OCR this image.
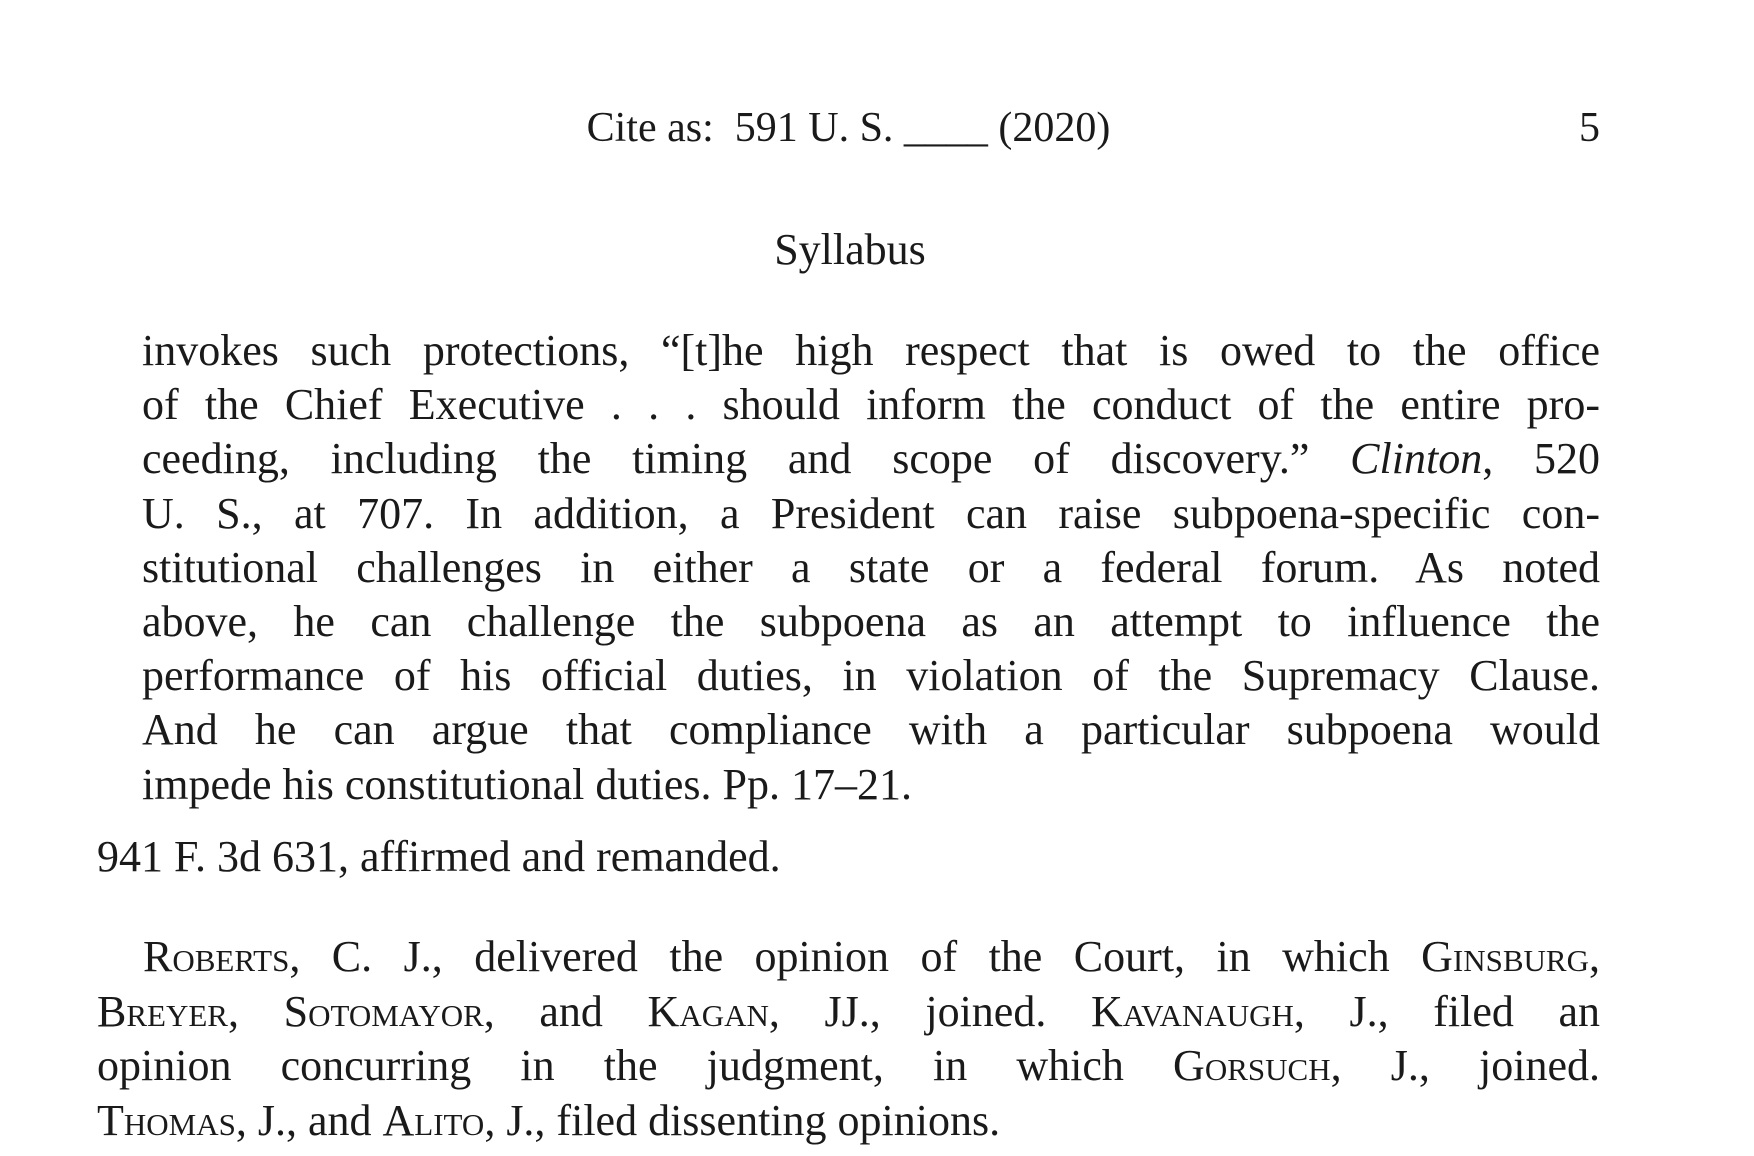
Cite as:  591 U. S. ____ (2020)	5
Syllabus
invokes such protections, “[t]he high respect that is owed to the office
of the Chief Executive . . . should inform the conduct of the entire pro-
ceeding, including the timing and scope of discovery.” Clinton, 520
U. S., at 707. In addition, a President can raise subpoena-specific con-
stitutional challenges in either a state or a federal forum. As noted
above, he can challenge the subpoena as an attempt to influence the
performance of his official duties, in violation of the Supremacy Clause.
And he can argue that compliance with a particular subpoena would
impede his constitutional duties. Pp. 17–21.
941 F. 3d 631, affirmed and remanded.
Roberts, C. J., delivered the opinion of the Court, in which Ginsburg,
Breyer, Sotomayor, and Kagan, JJ., joined. Kavanaugh, J., filed an
opinion concurring in the judgment, in which Gorsuch, J., joined.
Thomas, J., and Alito, J., filed dissenting opinions.
